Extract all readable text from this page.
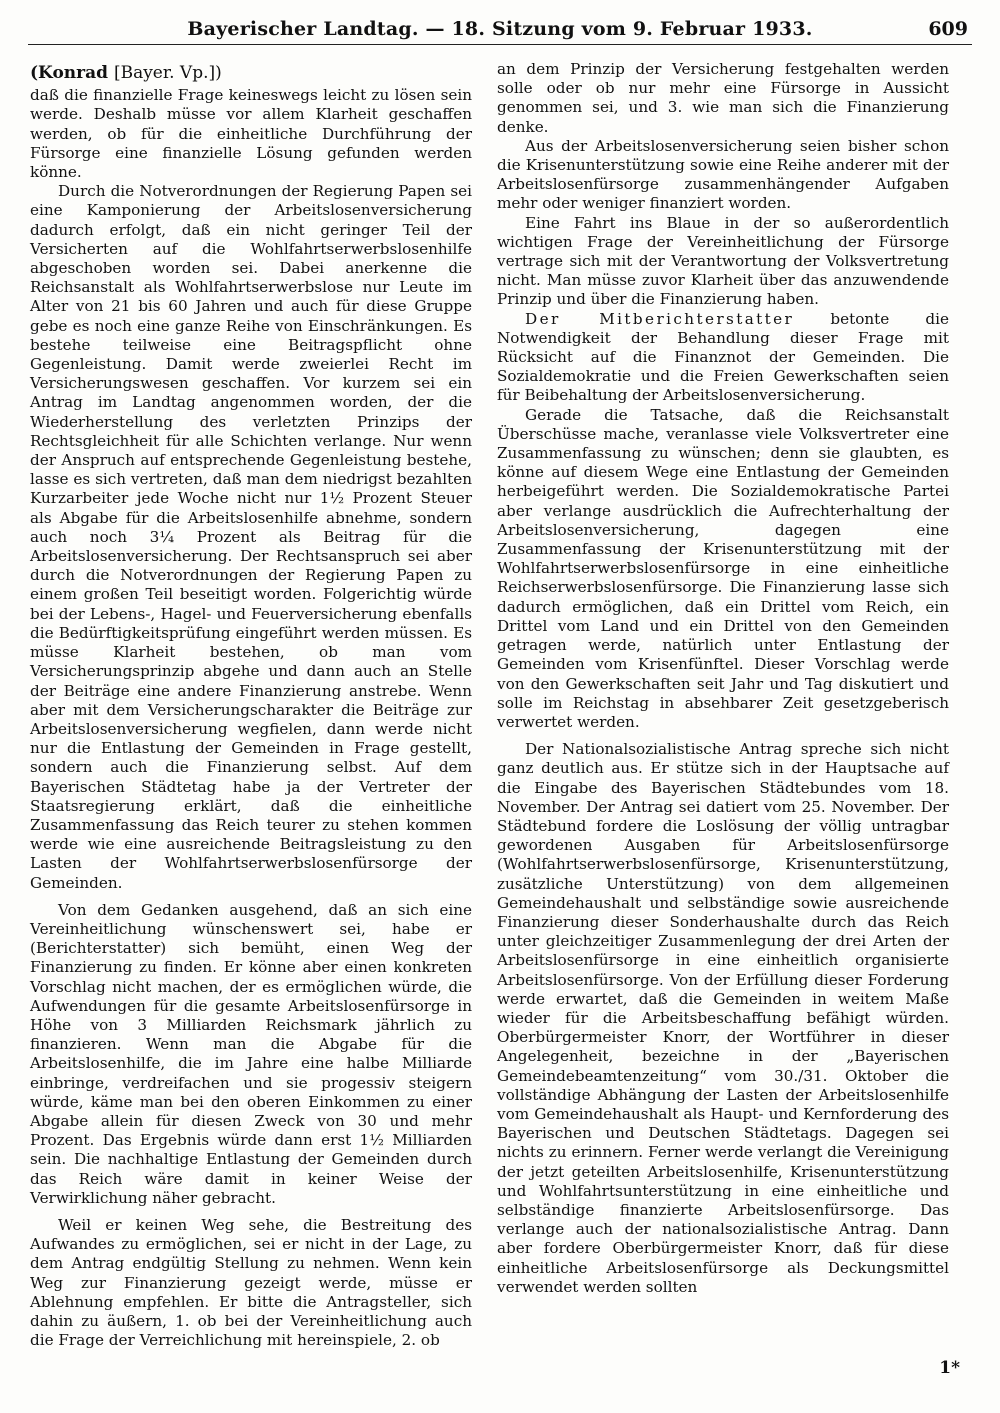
Bayerischer Landtag. — 18. Sitzung vom 9. Februar 1933.	609
(Konrad [Bayer. Vp.])

daß die finanzielle Frage keineswegs leicht zu lösen sein werde. Deshalb müsse vor allem Klarheit geschaffen werden, ob für die einheitliche Durchführung der Fürsorge eine finanzielle Lösung gefunden werden könne.

Durch die Notverordnungen der Regierung Papen sei eine Kamponierung der Arbeitslosenversicherung dadurch erfolgt, daß ein nicht geringer Teil der Versicherten auf die Wohlfahrtserwerbslosenhilfe abgeschoben worden sei. Dabei anerkenne die Reichsanstalt als Wohlfahrtserwerbslose nur Leute im Alter von 21 bis 60 Jahren und auch für diese Gruppe gebe es noch eine ganze Reihe von Einschränkungen. Es bestehe teilweise eine Beitragspflicht ohne Gegenleistung. Damit werde zweierlei Recht im Versicherungswesen geschaffen. Vor kurzem sei ein Antrag im Landtag angenommen worden, der die Wiederherstellung des verletzten Prinzips der Rechtsgleichheit für alle Schichten verlange. Nur wenn der Anspruch auf entsprechende Gegenleistung bestehe, lasse es sich vertreten, daß man dem niedrigst bezahlten Kurzarbeiter jede Woche nicht nur 1½ Prozent Steuer als Abgabe für die Arbeitslosenhilfe abnehme, sondern auch noch 3¼ Prozent als Beitrag für die Arbeitslosenversicherung. Der Rechtsanspruch sei aber durch die Notverordnungen der Regierung Papen zu einem großen Teil beseitigt worden. Folgerichtig würde bei der Lebens-, Hagel- und Feuerversicherung ebenfalls die Bedürftigkeitsprüfung eingeführt werden müssen. Es müsse Klarheit bestehen, ob man vom Versicherungsprinzip abgehe und dann auch an Stelle der Beiträge eine andere Finanzierung anstrebe. Wenn aber mit dem Versicherungscharakter die Beiträge zur Arbeitslosenversicherung wegfielen, dann werde nicht nur die Entlastung der Gemeinden in Frage gestellt, sondern auch die Finanzierung selbst. Auf dem Bayerischen Städtetag habe ja der Vertreter der Staatsregierung erklärt, daß die einheitliche Zusammenfassung das Reich teurer zu stehen kommen werde wie eine ausreichende Beitragsleistung zu den Lasten der Wohlfahrtserwerbslosenfürsorge der Gemeinden.

Von dem Gedanken ausgehend, daß an sich eine Vereinheitlichung wünschenswert sei, habe er (Berichterstatter) sich bemüht, einen Weg der Finanzierung zu finden. Er könne aber einen konkreten Vorschlag nicht machen, der es ermöglichen würde, die Aufwendungen für die gesamte Arbeitslosenfürsorge in Höhe von 3 Milliarden Reichsmark jährlich zu finanzieren. Wenn man die Abgabe für die Arbeitslosenhilfe, die im Jahre eine halbe Milliarde einbringe, verdreifachen und sie progessiv steigern würde, käme man bei den oberen Einkommen zu einer Abgabe allein für diesen Zweck von 30 und mehr Prozent. Das Ergebnis würde dann erst 1½ Milliarden sein. Die nachhaltige Entlastung der Gemeinden durch das Reich wäre damit in keiner Weise der Verwirklichung näher gebracht.

Weil er keinen Weg sehe, die Bestreitung des Aufwandes zu ermöglichen, sei er nicht in der Lage, zu dem Antrag endgültig Stellung zu nehmen. Wenn kein Weg zur Finanzierung gezeigt werde, müsse er Ablehnung empfehlen. Er bitte die Antragsteller, sich dahin zu äußern, 1. ob bei der Vereinheitlichung auch die Frage der Verreichlichung mit hereinspiele, 2. ob

an dem Prinzip der Versicherung festgehalten werden solle oder ob nur mehr eine Fürsorge in Aussicht genommen sei, und 3. wie man sich die Finanzierung denke.

Aus der Arbeitslosenversicherung seien bisher schon die Krisenunterstützung sowie eine Reihe anderer mit der Arbeitslosenfürsorge zusammenhängender Aufgaben mehr oder weniger finanziert worden.

Eine Fahrt ins Blaue in der so außerordentlich wichtigen Frage der Vereinheitlichung der Fürsorge vertrage sich mit der Verantwortung der Volksvertretung nicht. Man müsse zuvor Klarheit über das anzuwendende Prinzip und über die Finanzierung haben.

Der Mitberichterstatter betonte die Notwendigkeit der Behandlung dieser Frage mit Rücksicht auf die Finanznot der Gemeinden. Die Sozialdemokratie und die Freien Gewerkschaften seien für Beibehaltung der Arbeitslosenversicherung.

Gerade die Tatsache, daß die Reichsanstalt Überschüsse mache, veranlasse viele Volksvertreter eine Zusammenfassung zu wünschen; denn sie glaubten, es könne auf diesem Wege eine Entlastung der Gemeinden herbeigeführt werden. Die Sozialdemokratische Partei aber verlange ausdrücklich die Aufrechterhaltung der Arbeitslosenversicherung, dagegen eine Zusammenfassung der Krisenunterstützung mit der Wohlfahrtserwerbslosenfürsorge in eine einheitliche Reichserwerbslosenfürsorge. Die Finanzierung lasse sich dadurch ermöglichen, daß ein Drittel vom Reich, ein Drittel vom Land und ein Drittel von den Gemeinden getragen werde, natürlich unter Entlastung der Gemeinden vom Krisenfünftel. Dieser Vorschlag werde von den Gewerkschaften seit Jahr und Tag diskutiert und solle im Reichstag in absehbarer Zeit gesetzgeberisch verwertet werden.

Der Nationalsozialistische Antrag spreche sich nicht ganz deutlich aus. Er stütze sich in der Hauptsache auf die Eingabe des Bayerischen Städtebundes vom 18. November. Der Antrag sei datiert vom 25. November. Der Städtebund fordere die Loslösung der völlig untragbar gewordenen Ausgaben für Arbeitslosenfürsorge (Wohlfahrtserwerbslosenfürsorge, Krisenunterstützung, zusätzliche Unterstützung) von dem allgemeinen Gemeindehaushalt und selbständige sowie ausreichende Finanzierung dieser Sonderhaushalte durch das Reich unter gleichzeitiger Zusammenlegung der drei Arten der Arbeitslosenfürsorge in eine einheitlich organisierte Arbeitslosenfürsorge. Von der Erfüllung dieser Forderung werde erwartet, daß die Gemeinden in weitem Maße wieder für die Arbeitsbeschaffung befähigt würden. Oberbürgermeister Knorr, der Wortführer in dieser Angelegenheit, bezeichne in der „Bayerischen Gemeindebeamtenzeitung“ vom 30./31. Oktober die vollständige Abhängung der Lasten der Arbeitslosenhilfe vom Gemeindehaushalt als Haupt- und Kernforderung des Bayerischen und Deutschen Städtetags. Dagegen sei nichts zu erinnern. Ferner werde verlangt die Vereinigung der jetzt geteilten Arbeitslosenhilfe, Krisenunterstützung und Wohlfahrtsunterstützung in eine einheitliche und selbständige finanzierte Arbeitslosenfürsorge. Das verlange auch der nationalsozialistische Antrag. Dann aber fordere Oberbürgermeister Knorr, daß für diese einheitliche Arbeitslosenfürsorge als Deckungsmittel verwendet werden sollten

1*
